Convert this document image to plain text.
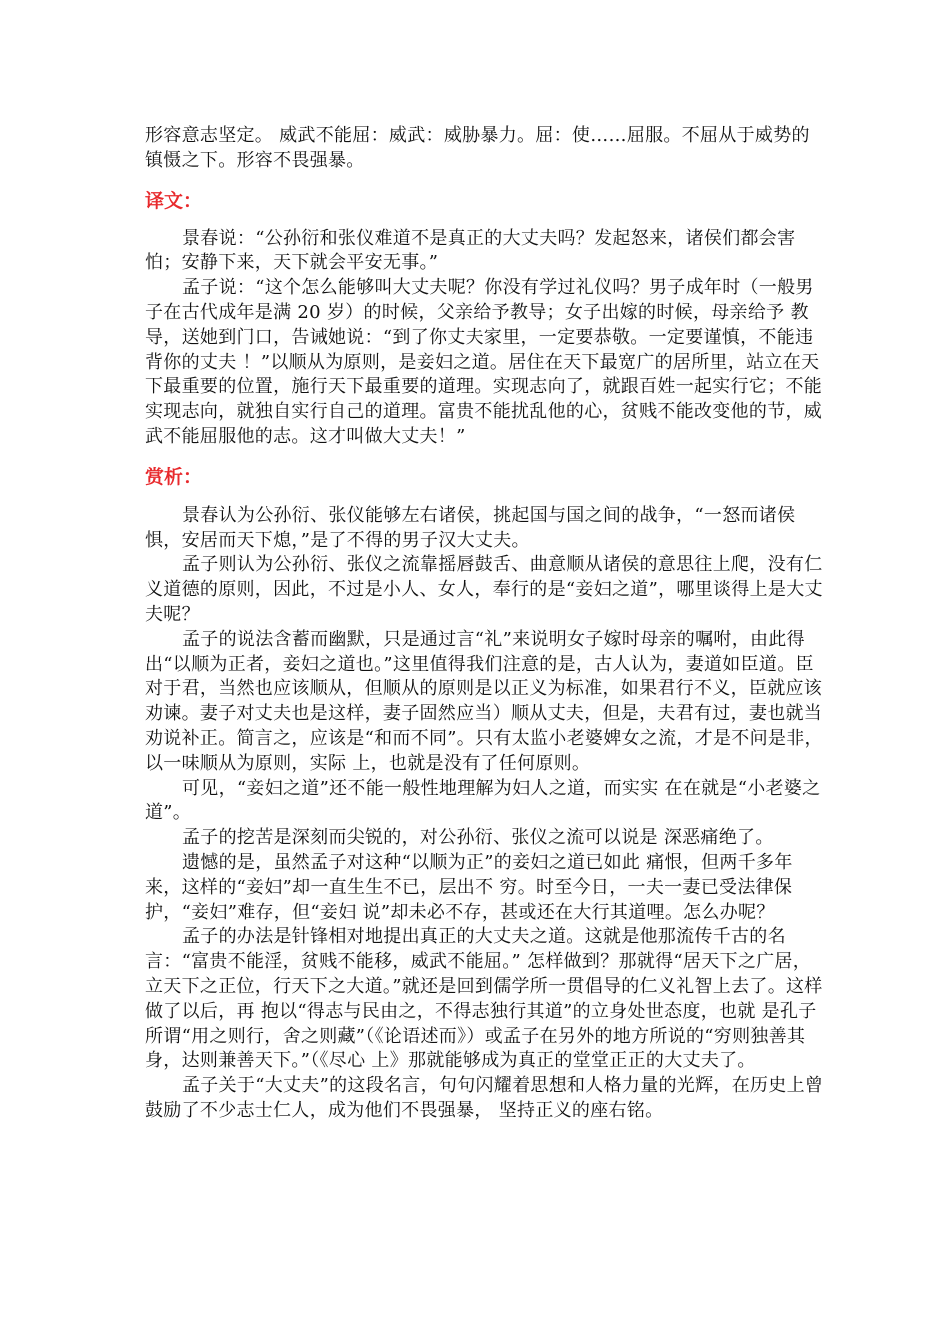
形容意志坚定。 威武不能屈：威武：威胁暴力。屈：使……屈服。不屈从于威势的镇慑之下。形容不畏强暴。

译文：

景春说：“公孙衍和张仪难道不是真正的大丈夫吗？发起怒来，诸侯们都会害怕；安静下来，天下就会平安无事。”

孟子说：“这个怎么能够叫大丈夫呢？你没有学过礼仪吗？男子成年时（一般男子在古代成年是满 20 岁）的时候，父亲给予教导；女子出嫁的时候，母亲给予 教导，送她到门口，告诫她说：“到了你丈夫家里，一定要恭敬。一定要谨慎，不能违背你的丈夫 ！”以顺从为原则，是妾妇之道。居住在天下最宽广的居所里，站立在天下最重要的位置，施行天下最重要的道理。实现志向了，就跟百姓一起实行它；不能实现志向，就独自实行自己的道理。富贵不能扰乱他的心，贫贱不能改变他的节，威武不能屈服他的志。这才叫做大丈夫！”

赏析：

景春认为公孙衍、张仪能够左右诸侯，挑起国与国之间的战争，“一怒而诸侯惧，安居而天下熄，”是了不得的男子汉大丈夫。

孟子则认为公孙衍、张仪之流靠摇唇鼓舌、曲意顺从诸侯的意思往上爬，没有仁义道德的原则，因此，不过是小人、女人，奉行的是“妾妇之道”，哪里谈得上是大丈夫呢？

孟子的说法含蓄而幽默，只是通过言“礼”来说明女子嫁时母亲的嘱咐，由此得出“以顺为正者，妾妇之道也。”这里值得我们注意的是，古人认为，妻道如臣道。臣对于君，当然也应该顺从，但顺从的原则是以正义为标准，如果君行不义，臣就应该 劝谏。妻子对丈夫也是这样，妻子固然应当）顺从丈夫，但是，夫君有过，妻也就当劝说补正。简言之，应该是“和而不同”。只有太监小老婆婢女之流，才是不问是非，以一味顺从为原则，实际 上，也就是没有了任何原则。

可见，“妾妇之道”还不能一般性地理解为妇人之道，而实实 在在就是“小老婆之道”。

孟子的挖苦是深刻而尖锐的，对公孙衍、张仪之流可以说是 深恶痛绝了。

遗憾的是，虽然孟子对这种“以顺为正”的妾妇之道已如此 痛恨，但两千多年来，这样的“妾妇”却一直生生不已，层出不 穷。时至今日，一夫一妻已受法律保护，“妾妇”难存，但“妾妇 说”却未必不存，甚或还在大行其道哩。怎么办呢？

孟子的办法是针锋相对地提出真正的大丈夫之道。这就是他那流传千古的名言：“富贵不能淫，贫贱不能移，威武不能屈。” 怎样做到？那就得“居天下之广居，立天下之正位，行天下之大道。”就还是回到儒学所一贯倡导的仁义礼智上去了。这样做了以后，再 抱以“得志与民由之，不得志独行其道”的立身处世态度，也就 是孔子所谓“用之则行，舍之则藏”（《论语述而》）或孟子在另外的地方所说的“穷则独善其身，达则兼善天下。”（《尽心 上》那就能够成为真正的堂堂正正的大丈夫了。

孟子关于“大丈夫”的这段名言，句句闪耀着思想和人格力量的光辉，在历史上曾鼓励了不少志士仁人，成为他们不畏强暴， 坚持正义的座右铭。
